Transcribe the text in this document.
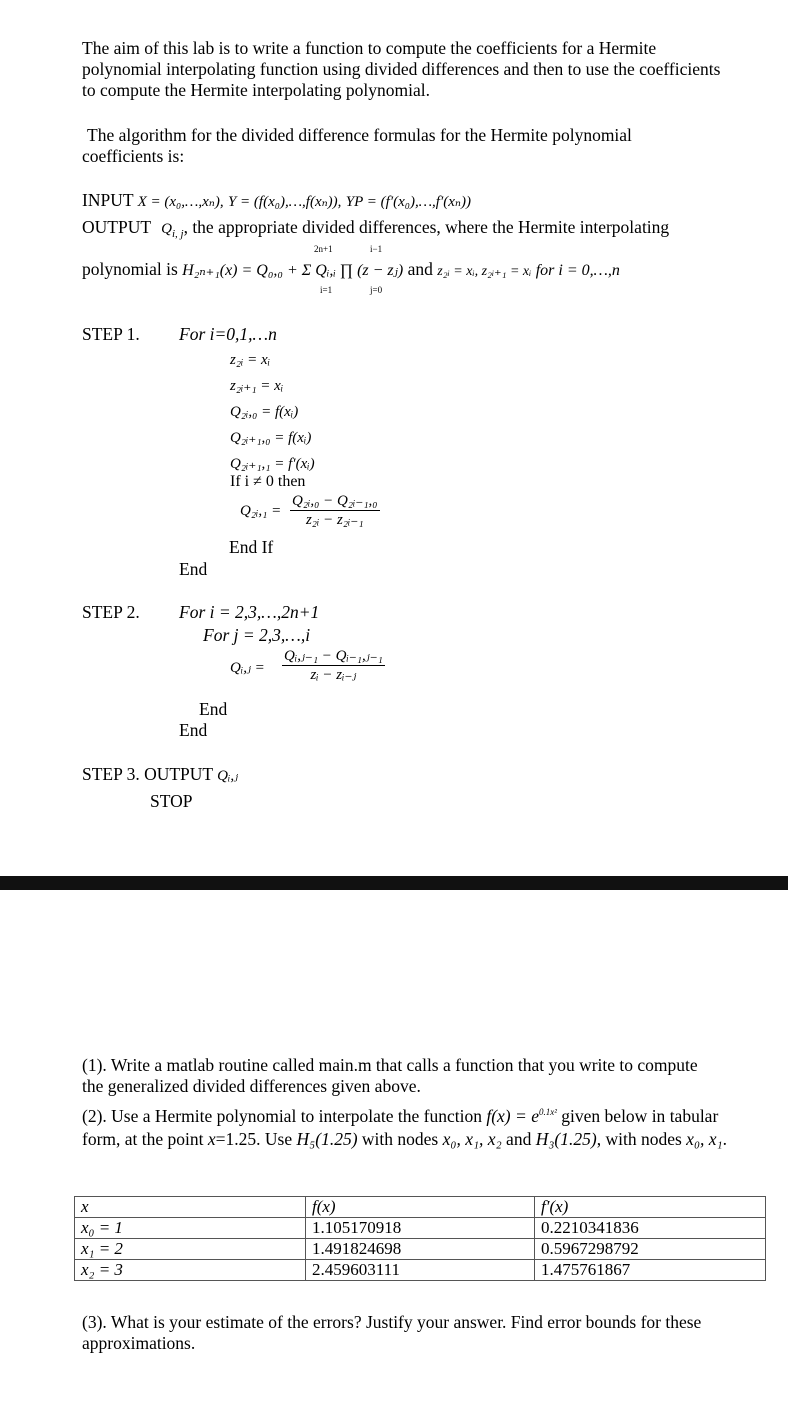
The aim of this lab is to write a function to compute the coefficients for a Hermite polynomial interpolating function using divided differences and then to use the coefficients to compute the Hermite interpolating polynomial.
The algorithm for the divided difference formulas for the Hermite polynomial coefficients is:
INPUT X = (x₀,…,xₙ), Y = (f(x₀),…,f(xₙ)), YP = (f′(x₀),…,f′(xₙ))
OUTPUT $Q_{i, j}$, the appropriate divided differences, where the Hermite interpolating
2n+1	i−1
polynomial is H₂ₙ₊₁(x) = Q₀,₀ + Σ Qᵢ,ᵢ ∏ (z − zⱼ) and z₂ᵢ = xᵢ, z₂ᵢ₊₁ = xᵢ for i = 0,…,n
i=1	j=0
STEP 1. For i=0,1,…n
z₂ᵢ = xᵢ
z₂ᵢ₊₁ = xᵢ
Q₂ᵢ,₀ = f(xᵢ)
Q₂ᵢ₊₁,₀ = f(xᵢ)
Q₂ᵢ₊₁,₁ = f′(xᵢ)
If i ≠ 0 then
Q₂ᵢ,₁ = $\frac{\text{Q₂ᵢ,₀ − Q₂ᵢ₋₁,₀}}{\text{z₂ᵢ − z₂ᵢ₋₁}}$
End If
End
STEP 2. For i = 2,3,…,2n+1
For j = 2,3,…,i
Qᵢ,ⱼ = $\frac{\text{Qᵢ,ⱼ₋₁ − Qᵢ₋₁,ⱼ₋₁}}{\text{zᵢ − zᵢ₋ⱼ}}$
End
End
STEP 3. OUTPUT Qᵢ,ⱼ
STOP
(1). Write a matlab routine called main.m that calls a function that you write to compute the generalized divided differences given above.
(2). Use a Hermite polynomial to interpolate the function $f(x) = e^{0.1x^2}$ given below in tabular form, at the point x=1.25. Use H₅(1.25) with nodes x₀, x₁, x₂ and H₃(1.25), with nodes x₀, x₁.
x	f(x)	f′(x)
x₀ = 1	1.105170918	0.2210341836
x₁ = 2	1.491824698	0.5967298792
x₂ = 3	2.459603111	1.475761867
(3). What is your estimate of the errors? Justify your answer. Find error bounds for these approximations.
